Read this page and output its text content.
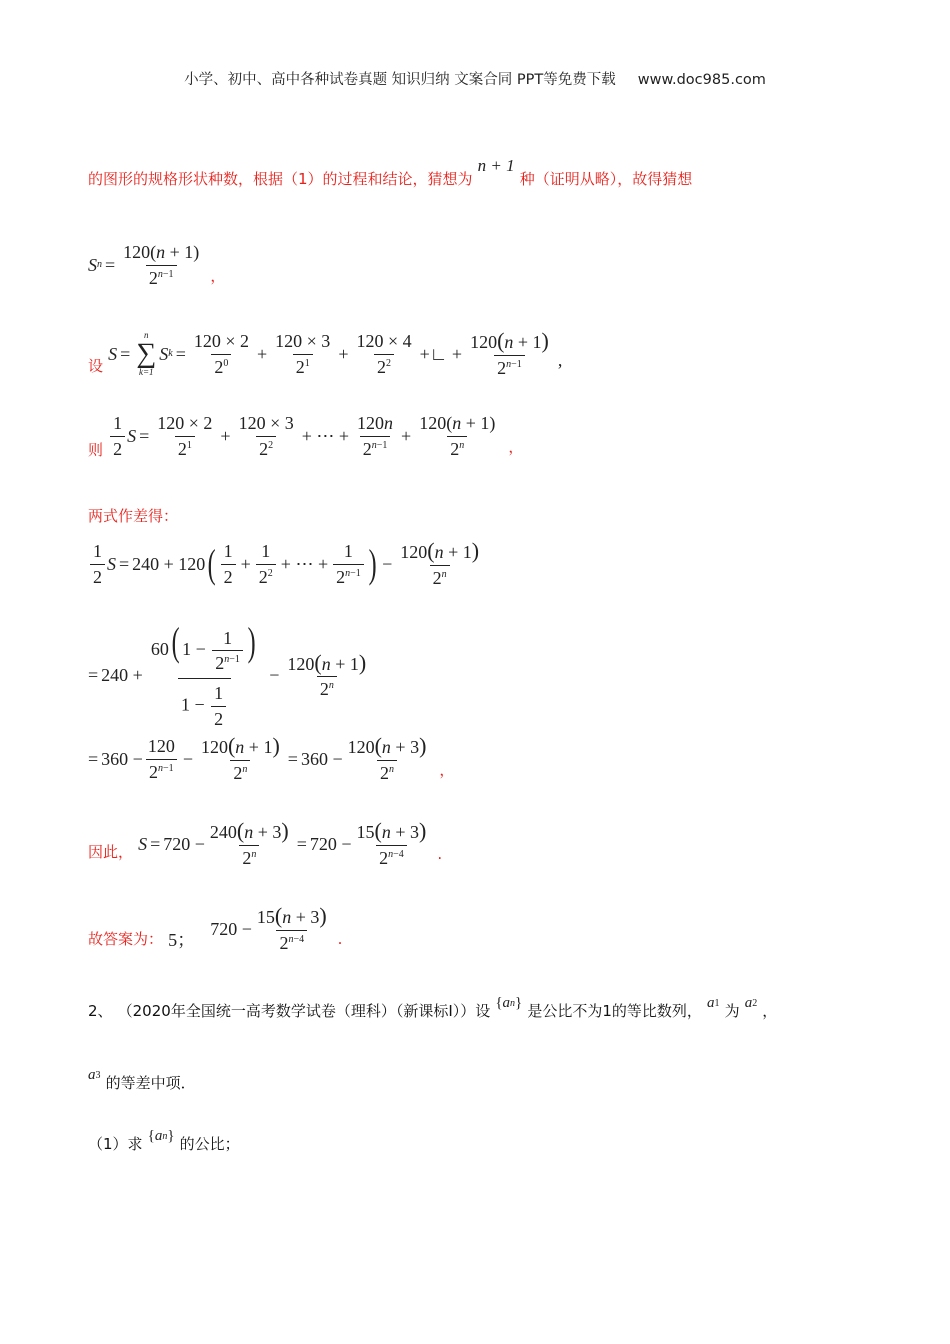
小学、初中、高中各种试卷真题 知识归纳 文案合同 PPT等免费下载 www.doc985.com
的图形的规格形状种数，根据（1）的过程和结论，猜想为 n + 1 种（证明从略），故得猜想
S $n = \frac{120(n + 1)}{2^{n-1}}$ ，
设
S =
n
∑
k=1
S $k = \frac{120 \times 2}{2^0} + \frac{120 \times 3}{2^1} + \frac{120 \times 4}{2^2}$ +∟ + $\frac{120(n + 1)}{2^{n-1}}$ ,
则 $\frac{1}{2}$ $S = \frac{120 \times 2}{2^1} + \frac{120 \times 3}{2^2}$ + ⋯ + $\frac{120n}{2^{n-1}} + \frac{120(n + 1)}{2^n}$ ，
两式作差得：
$\frac{1}{2}$ S = 240 + 120 ( $\frac{1}{2} + \frac{1}{2^2}$ + ⋯ + $\frac{1}{2^{n-1}}$ ) − $\frac{120(n + 1)}{2^n}$
= $240 + \frac{60( 1 - \frac{1}{2^{n-1}} )}{1 - \frac{1}{2}} - \frac{120(n + 1)}{2^n}$
= $360 - \frac{120}{2^{n-1}} - \frac{120(n + 1)}{2^n} = 360 - \frac{120(n + 3)}{2^n}$ ，
因此， $S = 720 - \frac{240(n + 3)}{2^n} = 720 - \frac{15(n + 3)}{2^{n-4}}$ .
故答案为： 5； $720 - \frac{15(n + 3)}{2^{n-4}}$ .
2、 （2020年全国统一高考数学试卷（理科）（新课标Ⅰ））设 { a n } 是公比不为1的等比数列， a 1 为 a 2 ，
a 3 的等差中项．
（1）求 { a n } 的公比；
